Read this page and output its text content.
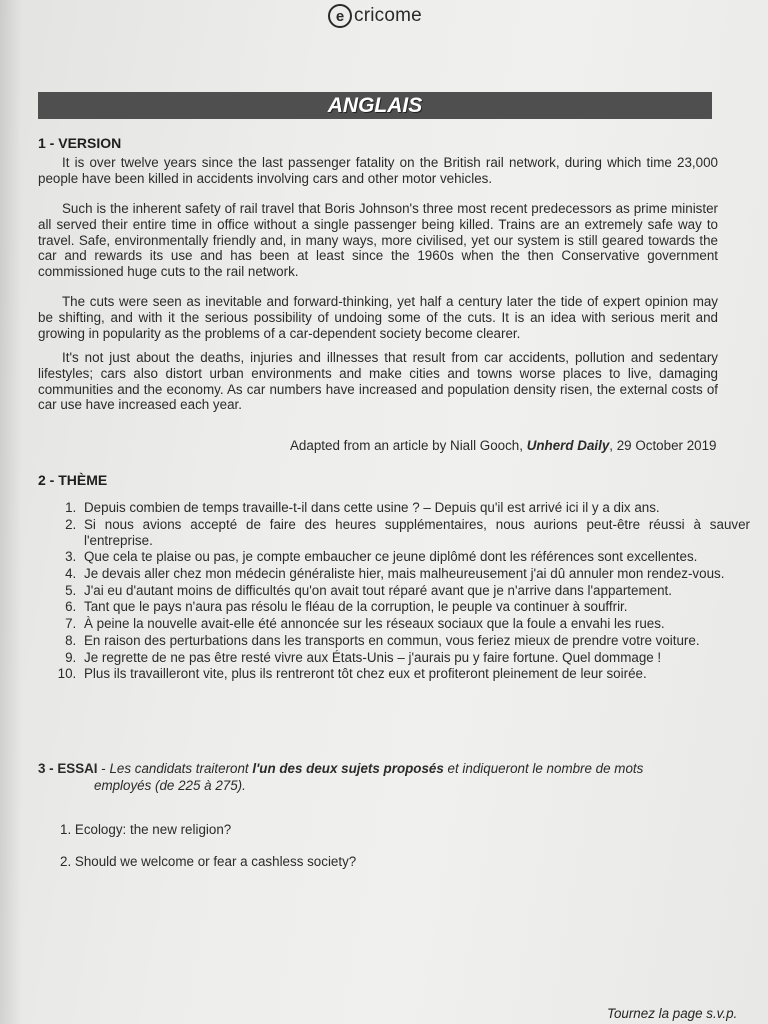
e cricome
ANGLAIS
1 - VERSION

It is over twelve years since the last passenger fatality on the British rail network, during which time 23,000 people have been killed in accidents involving cars and other motor vehicles.

Such is the inherent safety of rail travel that Boris Johnson's three most recent predecessors as prime minister all served their entire time in office without a single passenger being killed. Trains are an extremely safe way to travel. Safe, environmentally friendly and, in many ways, more civilised, yet our system is still geared towards the car and rewards its use and has been at least since the 1960s when the then Conservative government commissioned huge cuts to the rail network.

The cuts were seen as inevitable and forward-thinking, yet half a century later the tide of expert opinion may be shifting, and with it the serious possibility of undoing some of the cuts. It is an idea with serious merit and growing in popularity as the problems of a car-dependent society become clearer.

It's not just about the deaths, injuries and illnesses that result from car accidents, pollution and sedentary lifestyles; cars also distort urban environments and make cities and towns worse places to live, damaging communities and the economy. As car numbers have increased and population density risen, the external costs of car use have increased each year.

Adapted from an article by Niall Gooch, Unherd Daily, 29 October 2019
2 - THÈME
1. Depuis combien de temps travaille-t-il dans cette usine ? – Depuis qu'il est arrivé ici il y a dix ans.
2. Si nous avions accepté de faire des heures supplémentaires, nous aurions peut-être réussi à sauver l'entreprise.
3. Que cela te plaise ou pas, je compte embaucher ce jeune diplômé dont les références sont excellentes.
4. Je devais aller chez mon médecin généraliste hier, mais malheureusement j'ai dû annuler mon rendez-vous.
5. J'ai eu d'autant moins de difficultés qu'on avait tout réparé avant que je n'arrive dans l'appartement.
6. Tant que le pays n'aura pas résolu le fléau de la corruption, le peuple va continuer à souffrir.
7. À peine la nouvelle avait-elle été annoncée sur les réseaux sociaux que la foule a envahi les rues.
8. En raison des perturbations dans les transports en commun, vous feriez mieux de prendre votre voiture.
9. Je regrette de ne pas être resté vivre aux États-Unis – j'aurais pu y faire fortune. Quel dommage !
10. Plus ils travailleront vite, plus ils rentreront tôt chez eux et profiteront pleinement de leur soirée.
3 - ESSAI - Les candidats traiteront l'un des deux sujets proposés et indiqueront le nombre de mots
employés (de 225 à 275).
1. Ecology: the new religion?
2. Should we welcome or fear a cashless society?
Tournez la page s.v.p.
